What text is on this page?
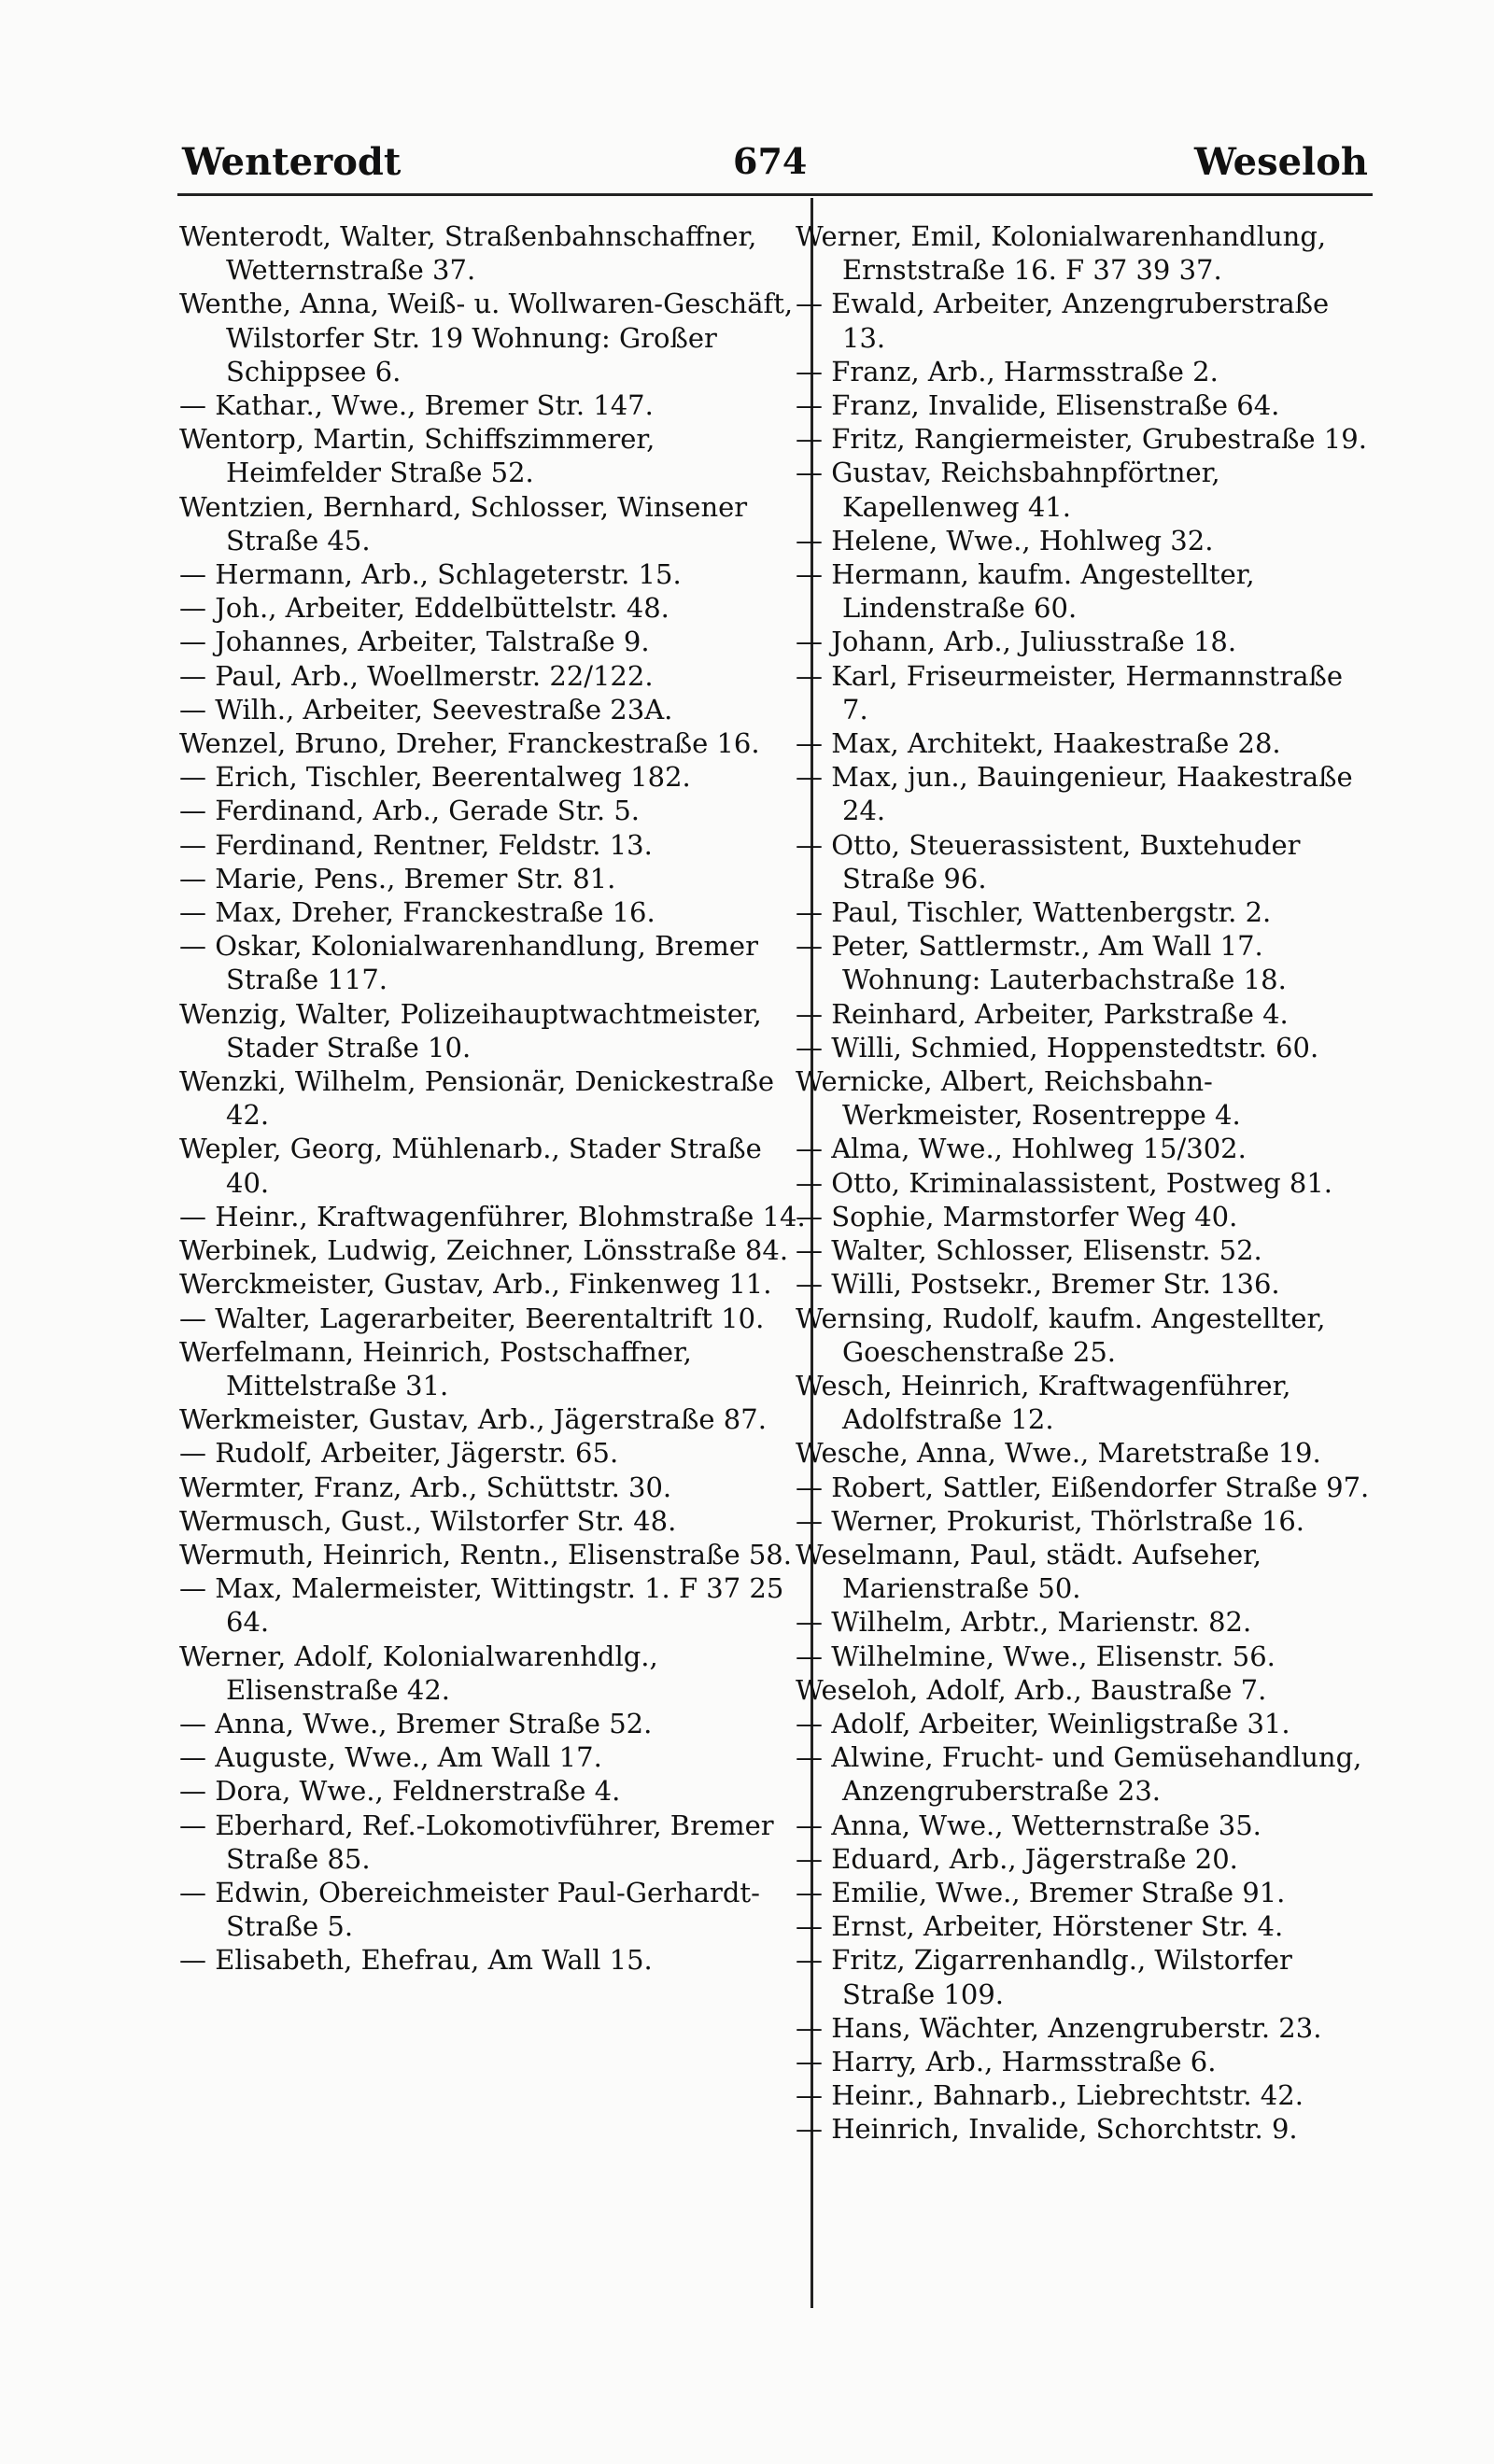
Wenterodt	674	Weseloh

Wenterodt, Walter, Straßenbahnschaffner, Wetternstraße 37.

Wenthe, Anna, Weiß- u. Wollwaren-Geschäft, Wilstorfer Str. 19 Wohnung: Großer Schippsee 6.

— Kathar., Wwe., Bremer Str. 147.

Wentorp, Martin, Schiffszimmerer, Heimfelder Straße 52.

Wentzien, Bernhard, Schlosser, Winsener Straße 45.

— Hermann, Arb., Schlageterstr. 15.

— Joh., Arbeiter, Eddelbüttelstr. 48.

— Johannes, Arbeiter, Talstraße 9.

— Paul, Arb., Woellmerstr. 22/122.

— Wilh., Arbeiter, Seevestraße 23A.

Wenzel, Bruno, Dreher, Franckestraße 16.

— Erich, Tischler, Beerentalweg 182.

— Ferdinand, Arb., Gerade Str. 5.

— Ferdinand, Rentner, Feldstr. 13.

— Marie, Pens., Bremer Str. 81.

— Max, Dreher, Franckestraße 16.

— Oskar, Kolonialwarenhandlung, Bremer Straße 117.

Wenzig, Walter, Polizeihauptwachtmeister, Stader Straße 10.

Wenzki, Wilhelm, Pensionär, Denickestraße 42.

Wepler, Georg, Mühlenarb., Stader Straße 40.

— Heinr., Kraftwagenführer, Blohmstraße 14.

Werbinek, Ludwig, Zeichner, Lönsstraße 84.

Werckmeister, Gustav, Arb., Finkenweg 11.

— Walter, Lagerarbeiter, Beerentaltrift 10.

Werfelmann, Heinrich, Postschaffner, Mittelstraße 31.

Werkmeister, Gustav, Arb., Jägerstraße 87.

— Rudolf, Arbeiter, Jägerstr. 65.

Wermter, Franz, Arb., Schüttstr. 30.

Wermusch, Gust., Wilstorfer Str. 48.

Wermuth, Heinrich, Rentn., Elisenstraße 58.

— Max, Malermeister, Wittingstr. 1. F 37 25 64.

Werner, Adolf, Kolonialwarenhdlg., Elisenstraße 42.

— Anna, Wwe., Bremer Straße 52.

— Auguste, Wwe., Am Wall 17.

— Dora, Wwe., Feldnerstraße 4.

— Eberhard, Ref.-Lokomotivführer, Bremer Straße 85.

— Edwin, Obereichmeister Paul-Gerhardt-Straße 5.

— Elisabeth, Ehefrau, Am Wall 15.

Werner, Emil, Kolonialwarenhandlung, Ernststraße 16. F 37 39 37.

— Ewald, Arbeiter, Anzengruberstraße 13.

— Franz, Arb., Harmsstraße 2.

— Franz, Invalide, Elisenstraße 64.

— Fritz, Rangiermeister, Grubestraße 19.

— Gustav, Reichsbahnpförtner, Kapellenweg 41.

— Helene, Wwe., Hohlweg 32.

— Hermann, kaufm. Angestellter, Lindenstraße 60.

— Johann, Arb., Juliusstraße 18.

— Karl, Friseurmeister, Hermannstraße 7.

— Max, Architekt, Haakestraße 28.

— Max, jun., Bauingenieur, Haakestraße 24.

— Otto, Steuerassistent, Buxtehuder Straße 96.

— Paul, Tischler, Wattenbergstr. 2.

— Peter, Sattlermstr., Am Wall 17. Wohnung: Lauterbachstraße 18.

— Reinhard, Arbeiter, Parkstraße 4.

— Willi, Schmied, Hoppenstedtstr. 60.

Wernicke, Albert, Reichsbahn-Werkmeister, Rosentreppe 4.

— Alma, Wwe., Hohlweg 15/302.

— Otto, Kriminalassistent, Postweg 81.

— Sophie, Marmstorfer Weg 40.

— Walter, Schlosser, Elisenstr. 52.

— Willi, Postsekr., Bremer Str. 136.

Wernsing, Rudolf, kaufm. Angestellter, Goeschenstraße 25.

Wesch, Heinrich, Kraftwagenführer, Adolfstraße 12.

Wesche, Anna, Wwe., Maretstraße 19.

— Robert, Sattler, Eißendorfer Straße 97.

— Werner, Prokurist, Thörlstraße 16.

Weselmann, Paul, städt. Aufseher, Marienstraße 50.

— Wilhelm, Arbtr., Marienstr. 82.

— Wilhelmine, Wwe., Elisenstr. 56.

Weseloh, Adolf, Arb., Baustraße 7.

— Adolf, Arbeiter, Weinligstraße 31.

— Alwine, Frucht- und Gemüsehandlung, Anzengruberstraße 23.

— Anna, Wwe., Wetternstraße 35.

— Eduard, Arb., Jägerstraße 20.

— Emilie, Wwe., Bremer Straße 91.

— Ernst, Arbeiter, Hörstener Str. 4.

— Fritz, Zigarrenhandlg., Wilstorfer Straße 109.

— Hans, Wächter, Anzengruberstr. 23.

— Harry, Arb., Harmsstraße 6.

— Heinr., Bahnarb., Liebrechtstr. 42.

— Heinrich, Invalide, Schorchtstr. 9.
